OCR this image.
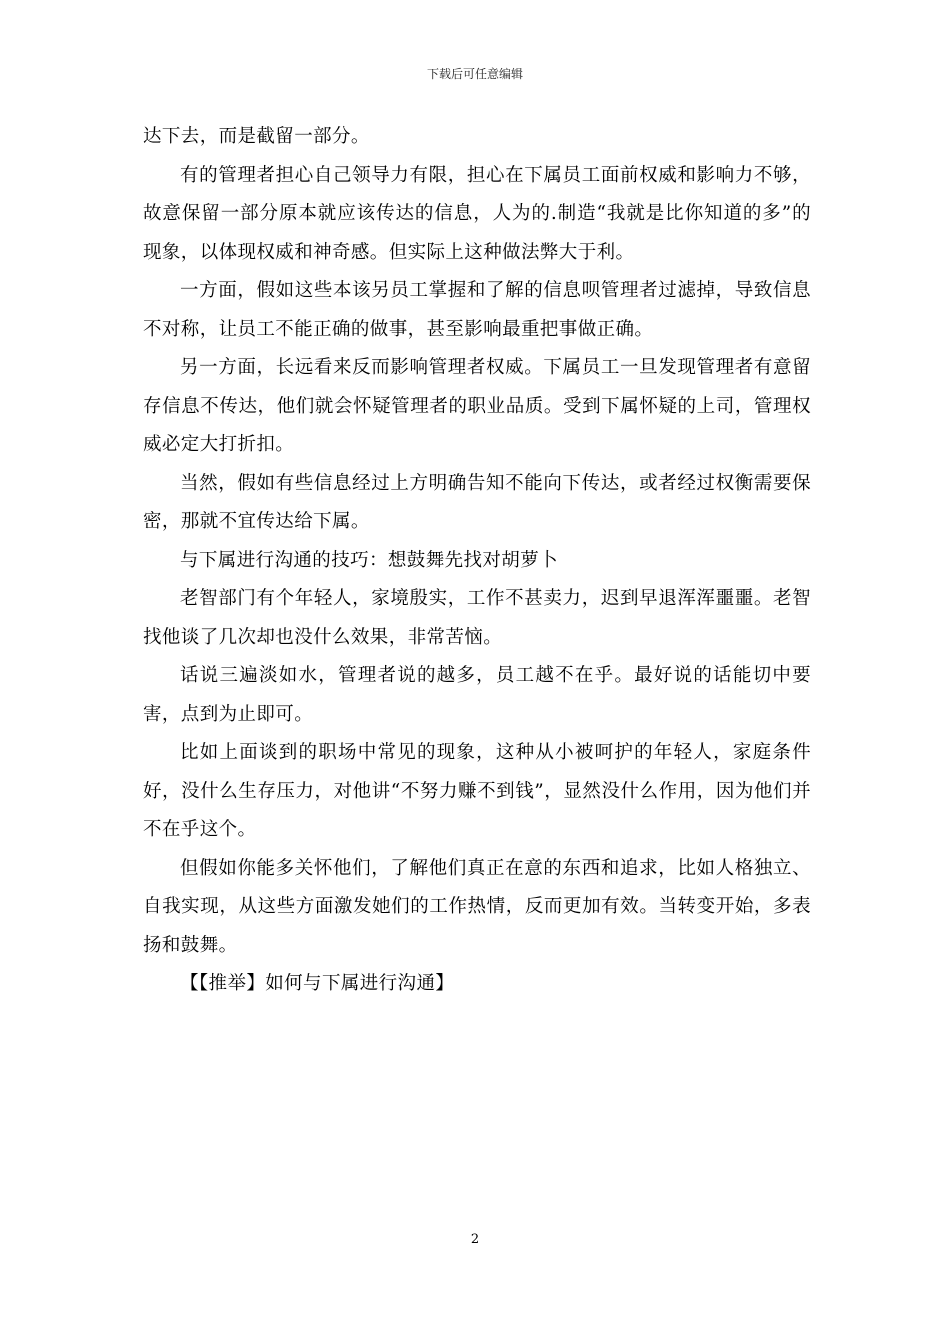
下载后可任意编辑

达下去，而是截留一部分。

有的管理者担心自己领导力有限，担心在下属员工面前权威和影响力不够，故意保留一部分原本就应该传达的信息，人为的.制造“我就是比你知道的多”的现象，以体现权威和神奇感。但实际上这种做法弊大于利。

一方面，假如这些本该另员工掌握和了解的信息呗管理者过滤掉，导致信息不对称，让员工不能正确的做事，甚至影响最重把事做正确。

另一方面，长远看来反而影响管理者权威。下属员工一旦发现管理者有意留存信息不传达，他们就会怀疑管理者的职业品质。受到下属怀疑的上司，管理权威必定大打折扣。

当然，假如有些信息经过上方明确告知不能向下传达，或者经过权衡需要保密，那就不宜传达给下属。

与下属进行沟通的技巧：想鼓舞先找对胡萝卜

老智部门有个年轻人，家境殷实，工作不甚卖力，迟到早退浑浑噩噩。老智找他谈了几次却也没什么效果，非常苦恼。

话说三遍淡如水，管理者说的越多，员工越不在乎。最好说的话能切中要害，点到为止即可。

比如上面谈到的职场中常见的现象，这种从小被呵护的年轻人，家庭条件好，没什么生存压力，对他讲“不努力赚不到钱”，显然没什么作用，因为他们并不在乎这个。

但假如你能多关怀他们，了解他们真正在意的东西和追求，比如人格独立、自我实现，从这些方面激发她们的工作热情，反而更加有效。当转变开始，多表扬和鼓舞。

【【推举】如何与下属进行沟通】

2
